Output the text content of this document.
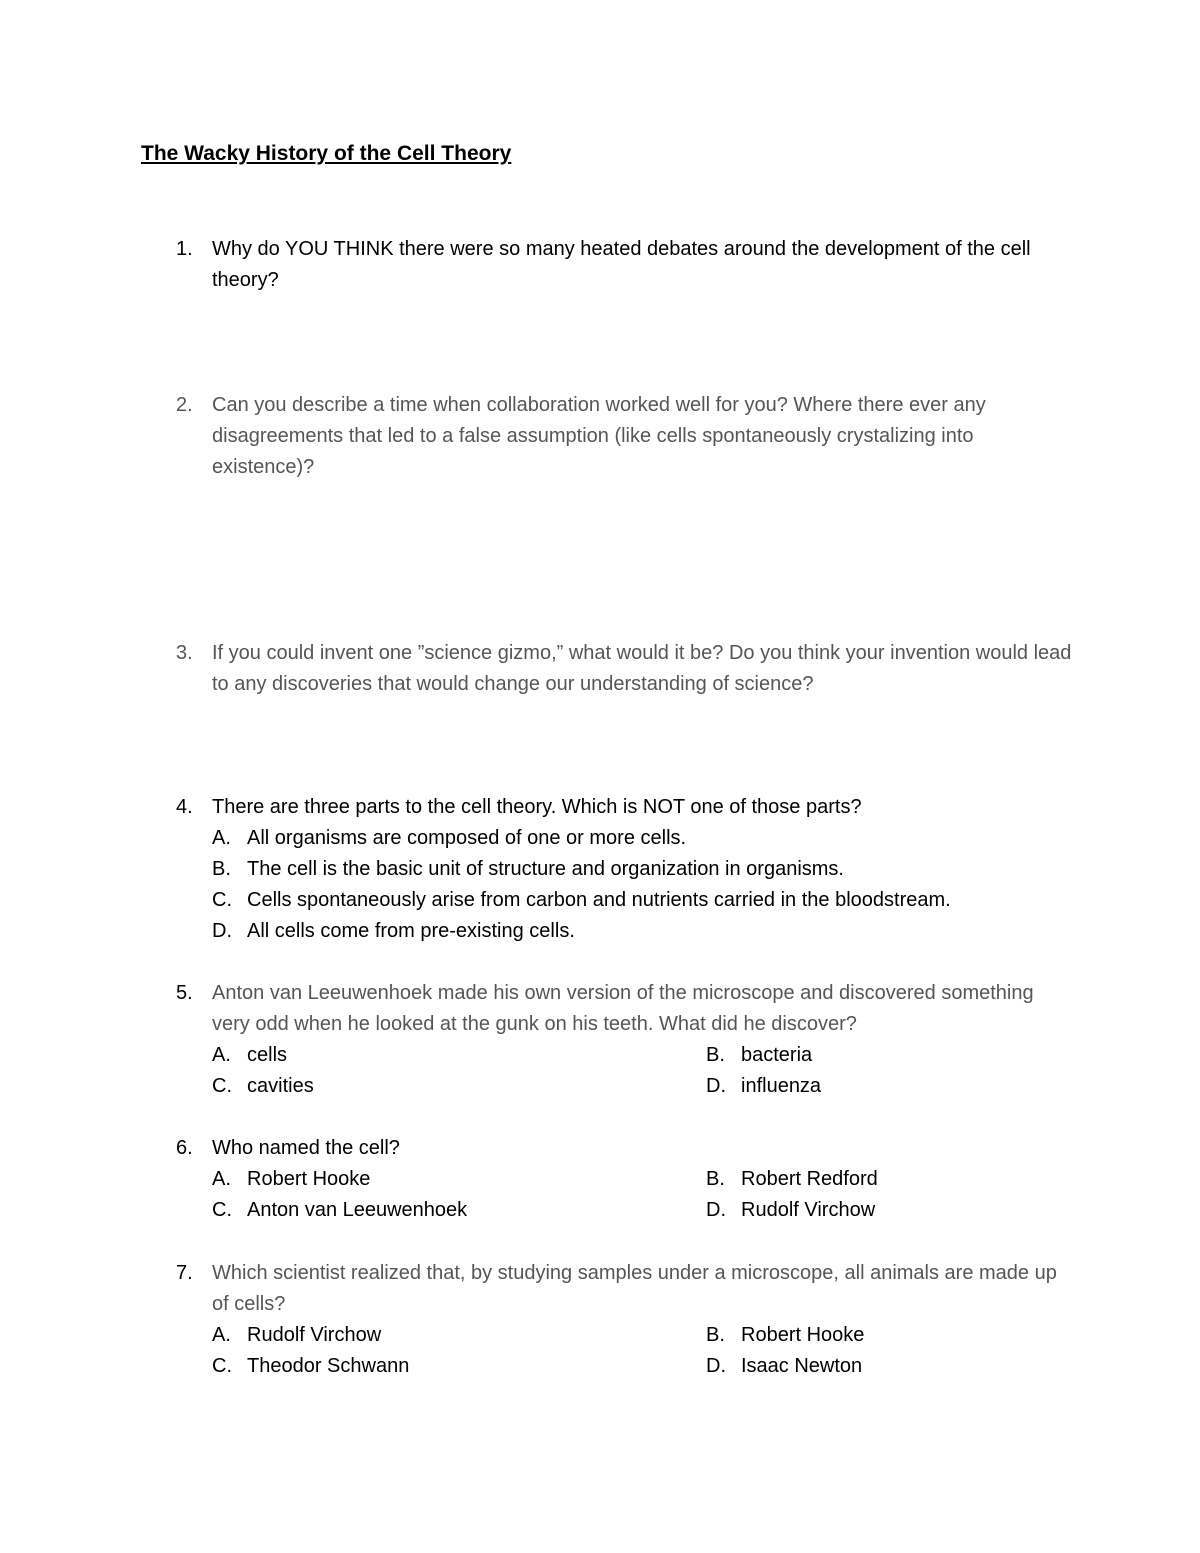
The Wacky History of the Cell Theory
1. Why do YOU THINK there were so many heated debates around the development of the cell theory?
2. Can you describe a time when collaboration worked well for you? Where there ever any disagreements that led to a false assumption (like cells spontaneously crystalizing into existence)?
3. If you could invent one ”science gizmo,” what would it be? Do you think your invention would lead to any discoveries that would change our understanding of science?
4. There are three parts to the cell theory. Which is NOT one of those parts?
A. All organisms are composed of one or more cells.
B. The cell is the basic unit of structure and organization in organisms.
C. Cells spontaneously arise from carbon and nutrients carried in the bloodstream.
D. All cells come from pre-existing cells.
5. Anton van Leeuwenhoek made his own version of the microscope and discovered something very odd when he looked at the gunk on his teeth. What did he discover?
A. cells	B. bacteria
C. cavities	D. influenza
6. Who named the cell?
A. Robert Hooke	B. Robert Redford
C. Anton van Leeuwenhoek	D. Rudolf Virchow
7. Which scientist realized that, by studying samples under a microscope, all animals are made up of cells?
A. Rudolf Virchow	B. Robert Hooke
C. Theodor Schwann	D. Isaac Newton
